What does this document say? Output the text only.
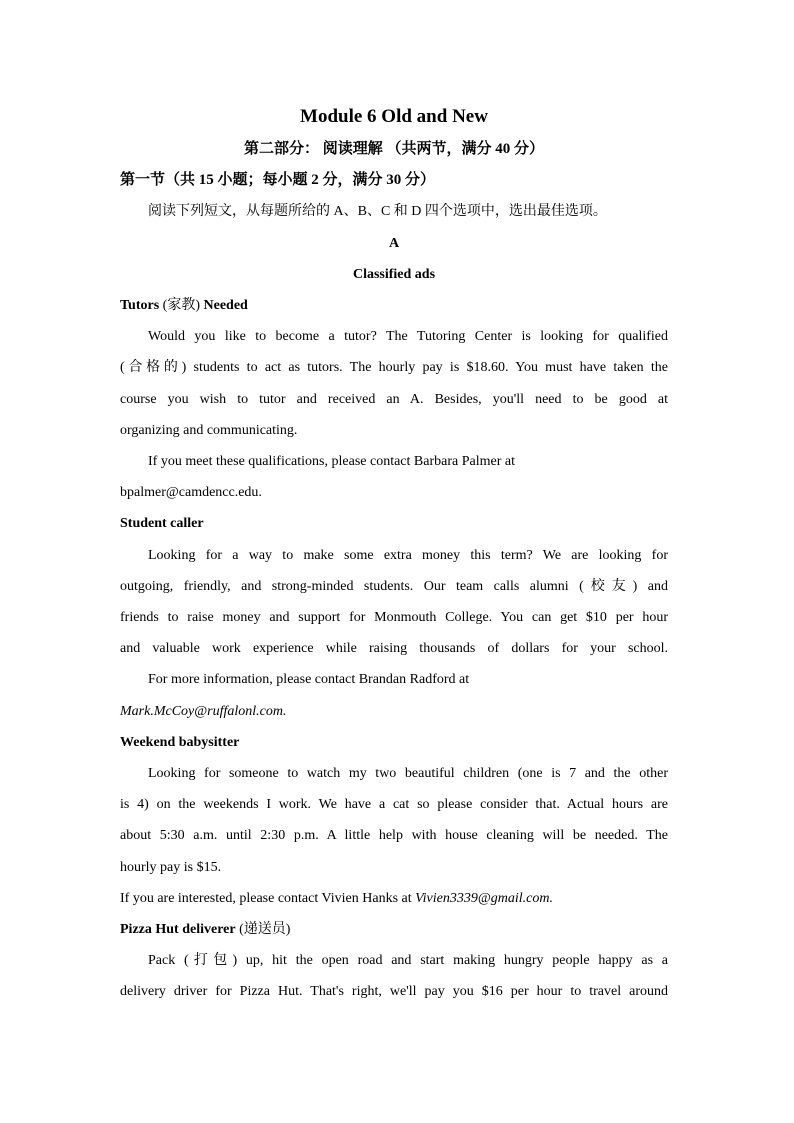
Module 6 Old and New

第二部分： 阅读理解 （共两节，满分 40 分）

第一节（共 15 小题；每小题 2 分，满分 30 分）

阅读下列短文，从每题所给的 A、B、C 和 D 四个选项中，选出最佳选项。

A

Classified ads

Tutors (家教) Needed

Would you like to become a tutor? The Tutoring Center is looking for qualified

(合格的) students to act as tutors. The hourly pay is $18.60. You must have taken the

course you wish to tutor and received an A. Besides, you'll need to be good at

organizing and communicating.

If you meet these qualifications, please contact Barbara Palmer at

bpalmer@camdencc.edu.

Student caller

Looking for a way to make some extra money this term? We are looking for

outgoing, friendly, and strong-minded students. Our team calls alumni (校友) and

friends to raise money and support for Monmouth College. You can get $10 per hour

and valuable work experience while raising thousands of dollars for your school.

For more information, please contact Brandan Radford at

Mark.McCoy@ruffalonl.com.

Weekend babysitter

Looking for someone to watch my two beautiful children (one is 7 and the other

is 4) on the weekends I work. We have a cat so please consider that. Actual hours are

about 5:30 a.m. until 2:30 p.m. A little help with house cleaning will be needed. The

hourly pay is $15.

If you are interested, please contact Vivien Hanks at Vivien3339@gmail.com.

Pizza Hut deliverer (递送员)

Pack (打包) up, hit the open road and start making hungry people happy as a

delivery driver for Pizza Hut. That's right, we'll pay you $16 per hour to travel around
